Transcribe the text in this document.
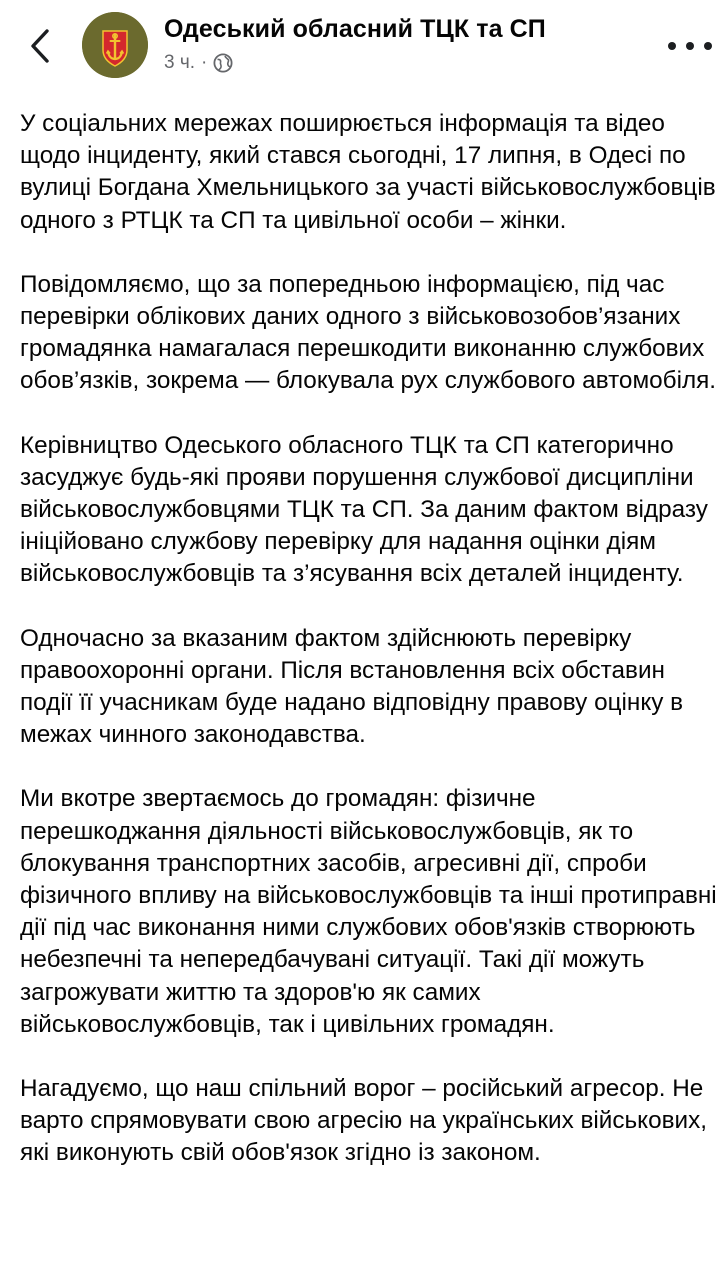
Одеський обласний ТЦК та СП
3 ч. ·

У соціальних мережах поширюється інформація та відео щодо інциденту, який стався сьогодні, 17 липня, в Одесі по вулиці Богдана Хмельницького за участі військовослужбовців одного з РТЦК та СП та цивільної особи – жінки.

Повідомляємо, що за попередньою інформацією, під час перевірки облікових даних одного з військовозобов’язаних громадянка намагалася перешкодити виконанню службових обов’язків, зокрема — блокувала рух службового автомобіля.

Керівництво Одеського обласного ТЦК та СП категорично засуджує будь-які прояви порушення службової дисципліни військовослужбовцями ТЦК та СП. За даним фактом відразу ініційовано службову перевірку для надання оцінки діям військовослужбовців та з’ясування всіх деталей інциденту.

Одночасно за вказаним фактом здійснюють перевірку правоохоронні органи. Після встановлення всіх обставин події її учасникам буде надано відповідну правову оцінку в межах чинного законодавства.

Ми вкотре звертаємось до громадян: фізичне перешкоджання діяльності військовослужбовців, як то блокування транспортних засобів, агресивні дії, спроби фізичного впливу на військовослужбовців та інші протиправні дії під час виконання ними службових обов'язків створюють небезпечні та непередбачувані ситуації. Такі дії можуть загрожувати життю та здоров'ю як самих військовослужбовців, так і цивільних громадян.

Нагадуємо, що наш спільний ворог – російський агресор. Не варто спрямовувати свою агресію на українських військових, які виконують свій обов'язок згідно із законом.
